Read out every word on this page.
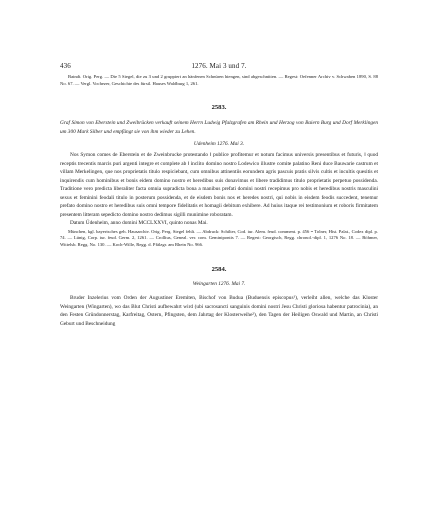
436	1276. Mai 3 und 7.

Baindt. Orig. Perg. — Die 5 Siegel, die zu 3 und 2 gruppiert an hänfenen Schnüren hiengen, sind abgeschnitten. — Regest: Oefenner Archiv v. Schwaben 1890, S. 88 No. 67. — Vergl. Vochezer, Geschichte des fürstl. Hauses Waldburg 1, 261.

2583.

Graf Simon von Eberstein und Zweibrücken verkauft seinem Herrn Ludwig Pfalzgrafen am Rhein und Herzog von Baiern Burg und Dorf Merklingen um 300 Mark Silber und empfängt sie von ihm wieder zu Lehen.

Udenheim 1276. Mai 3.

Nos Symon comes de Eberstein et de Zweinbrucke protestando ‖ publice profitemur et notum facimus universis presentibus et futuris, ‖ quod receptis trecentis marcis puri argenti integre et complete ab ‖ inclito domino nostro Lodewico illustre comite palatino Reni duce Bauwarie castrum et villam Merkelingen, que nos proprietatis titulo respiciebant, cum omnibus attinentiis eorundem agris pascuis pratis silvis cultis et incultis quesitis et inquirendis cum hominibus et bonis eidem domino nostro et heredibus suis donavimus et libere tradidimus titulo proprietatis perpetuo possidenda. Traditione vero predicta liberaliter facta omnia supradicta bona a manibus prefati domini nostri recepimus pro nobis et heredibus nostris masculini sexus et feminini feodali titulo in posterum possidenda, et de eisdem bonis nos et heredes nostri, qui nobis in eisdem feodis succedent, tenemur prefato domino nostro et heredibus suis omni tempore fidelitatis et homagii debitum exhibere. Ad huius itaque rei testimonium et roboris firmitatem presentem litteram sepedicto domino nostro dedimus sigilli munimine roboratam.

Datum Üdenheim, anno domini MCCLXXVI, quinto nonas Mai.

München, kgl. bayerisches geh. Hausarchiv. Orig. Perg. Siegel fehlt. — Abdruck: Schilter, Cod. iur. Alem. feud. comment. p. 456 = Tolner, Hist. Palat., Codex dipl. p. 74. — Lünig, Corp. iur. feud. Germ. 2, 1261. — Crollius, Geneal. ver. com. Geminipontis 7. — Regest: Georgisch, Regg. chronol.-dipl. 1, 1276 No. 18. — Böhmer, Wittelsb. Regg. No. 130. — Koch-Wille, Regg. d. Pfälzgr. am Rhein No. 966.

2584.
Weingarten 1276. Mai 7.

Bruder Inzelerius vom Orden der Augustiner Eremiten, Bischof von Budua (Buduensis episcopus¹), verleiht allen, welche das Kloster Weingarten (Wingarten), wo das Blut Christi aufbewahrt wird (ubi sacrosancti sanguinis domini nostri Jesu Christi gloriosa habentur patrocinia), an den Festen Gründonnerstag, Karfreitag, Ostern, Pfingsten, dem Jahrtag der Klosterweihe²), den Tagen der Heiligen Oswald und Martin, an Christi Geburt und Beschneidung
